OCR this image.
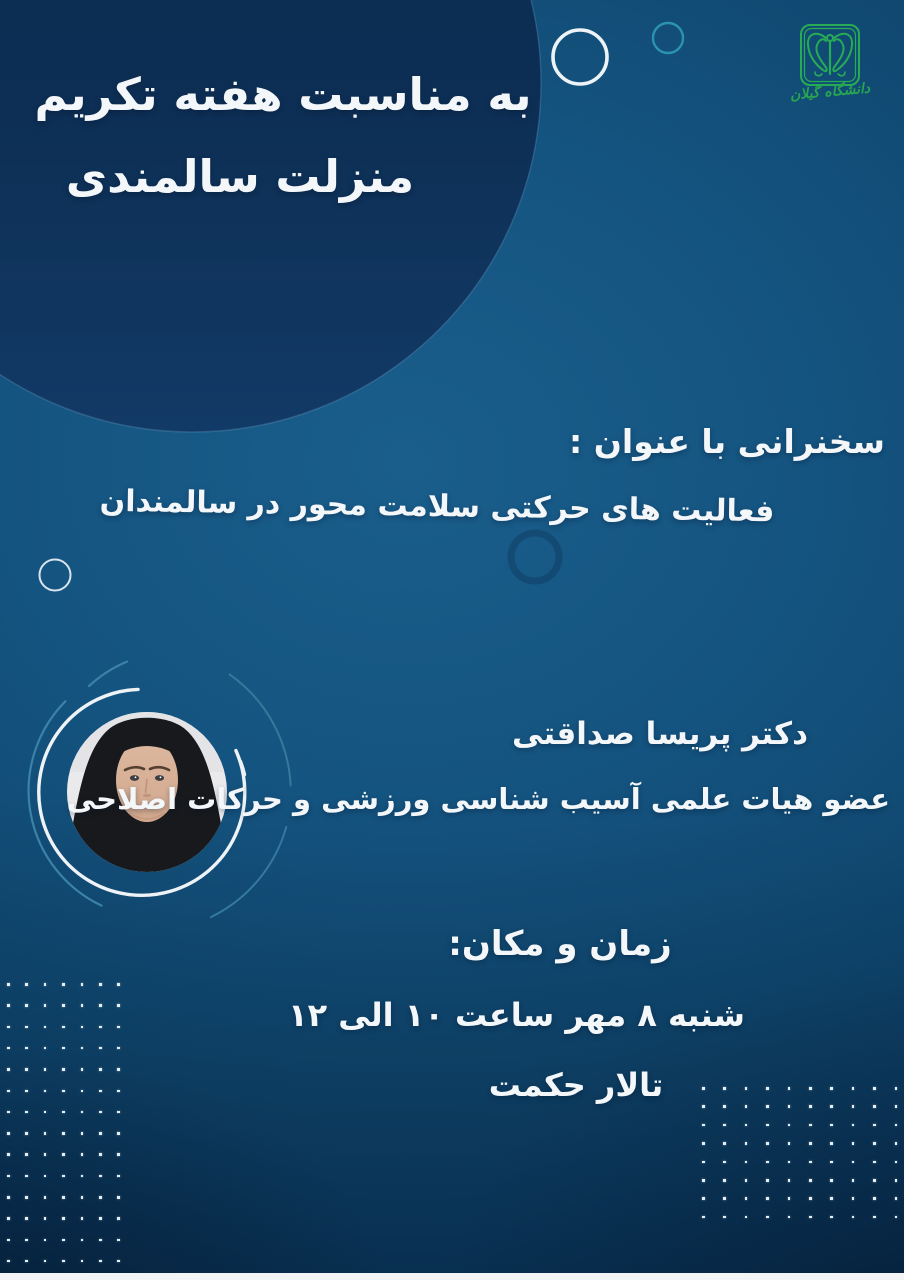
دانشگاه گیلان
به مناسبت هفته تکریم
منزلت سالمندی
سخنرانی با عنوان :
فعالیت های حرکتی سلامت محور در سالمندان
دکتر پریسا صداقتی
عضو هیات علمی آسیب شناسی ورزشی و حرکات اصلاحی
زمان و مکان:
شنبه ۸ مهر ساعت ۱۰ الی ۱۲
تالار حکمت
